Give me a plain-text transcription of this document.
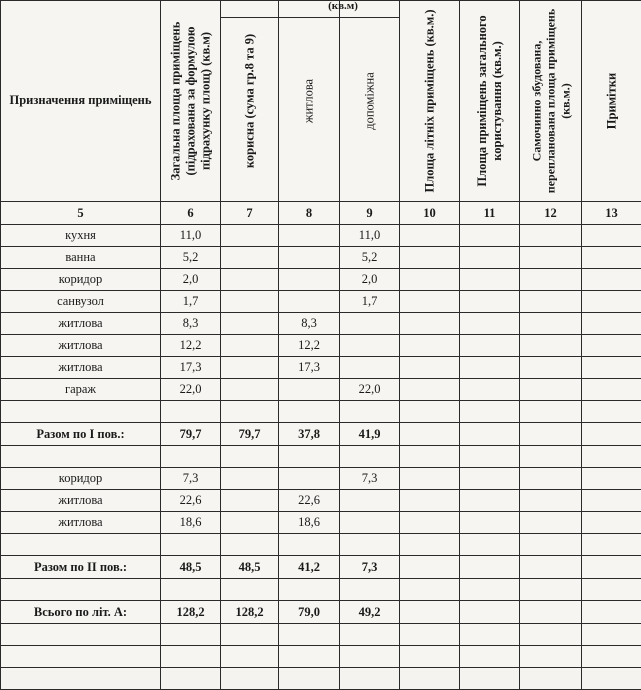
Призначення приміщень	Загальна площа приміщень (підрахована за формулою підрахунку площ) (кв.м)	корисна (сума гр.8 та 9)	житлова	допоміжна	Площа літніх приміщень (кв.м.)	Площа приміщень загального користування (кв.м.)	Самочинно збудована, перепланована площа приміщень (кв.м.)	Примітки

5	6	7	8	9	10	11	12	13
кухня	11,0			11,0				
ванна	5,2			5,2				
коридор	2,0			2,0				
санвузол	1,7			1,7				
житлова	8,3		8,3					
житлова	12,2		12,2					
житлова	17,3		17,3					
гараж	22,0			22,0				

Разом по I пов.:	79,7	79,7	37,8	41,9				

коридор	7,3			7,3				
житлова	22,6		22,6					
житлова	18,6		18,6					

Разом по II пов.:	48,5	48,5	41,2	7,3				

Всього по літ. А:	128,2	128,2	79,0	49,2				

(кв.м)
